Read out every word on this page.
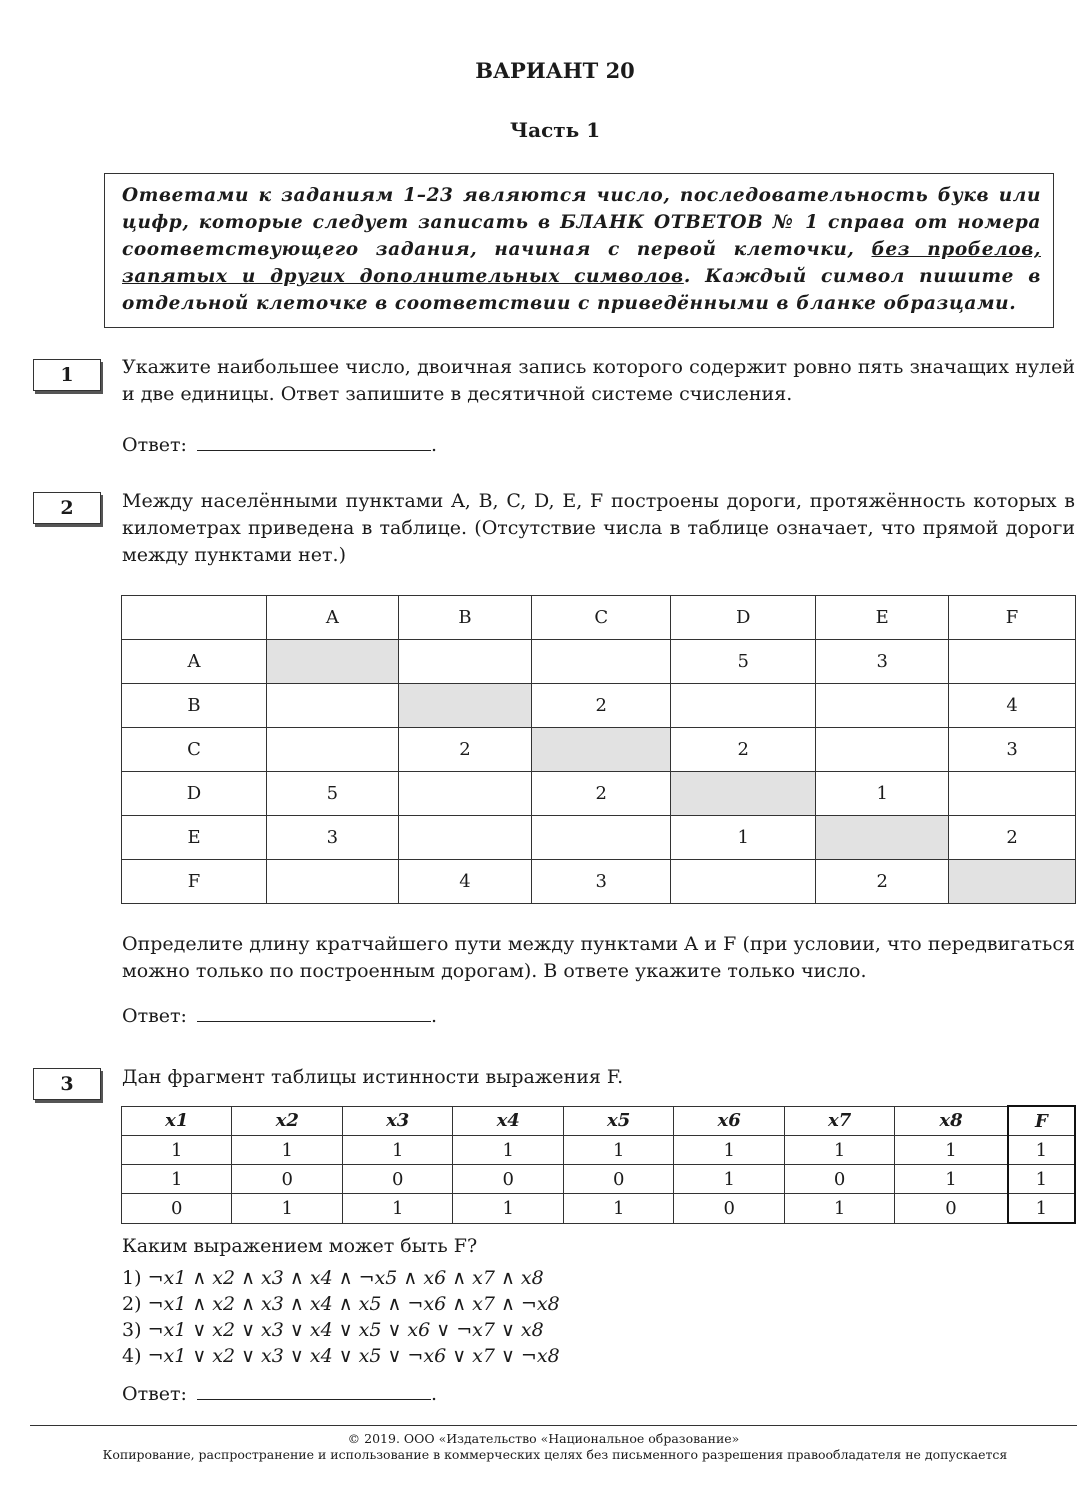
ВАРИАНТ 20
Часть 1
Ответами к заданиям 1–23 являются число, последовательность букв или цифр, которые следует записать в БЛАНК ОТВЕТОВ № 1 справа от номера соответствующего задания, начиная с первой клеточки, без пробелов, запятых и других дополнительных символов. Каждый символ пишите в отдельной клеточке в соответствии с приведёнными в бланке образцами.
1	Укажите наибольшее число, двоичная запись которого содержит ровно пять значащих нулей и две единицы. Ответ запишите в десятичной системе счисления.
Ответ:	.
2	Между населёнными пунктами A, B, C, D, E, F построены дороги, протяжённость которых в километрах приведена в таблице. (Отсутствие числа в таблице означает, что прямой дороги между пунктами нет.)
	A	B	C	D	E	F
A				5	3	
B			2			4
C		2		2		3
D	5		2		1	
E	3			1		2
F		4	3		2	
Определите длину кратчайшего пути между пунктами A и F (при условии, что передвигаться можно только по построенным дорогам). В ответе укажите только число.
Ответ:	.
3	Дан фрагмент таблицы истинности выражения F.
x1	x2	x3	x4	x5	x6	x7	x8	F
1	1	1	1	1	1	1	1	1
1	0	0	0	0	1	0	1	1
0	1	1	1	1	0	1	0	1
Каким выражением может быть F?
1) ¬x1 ∧ x2 ∧ x3 ∧ x4 ∧ ¬x5 ∧ x6 ∧ x7 ∧ x8
2) ¬x1 ∧ x2 ∧ x3 ∧ x4 ∧ x5 ∧ ¬x6 ∧ x7 ∧ ¬x8
3) ¬x1 ∨ x2 ∨ x3 ∨ x4 ∨ x5 ∨ x6 ∨ ¬x7 ∨ x8
4) ¬x1 ∨ x2 ∨ x3 ∨ x4 ∨ x5 ∨ ¬x6 ∨ x7 ∨ ¬x8
Ответ:	.
© 2019. ООО «Издательство «Национальное образование»
Копирование, распространение и использование в коммерческих целях без письменного разрешения правообладателя не допускается
